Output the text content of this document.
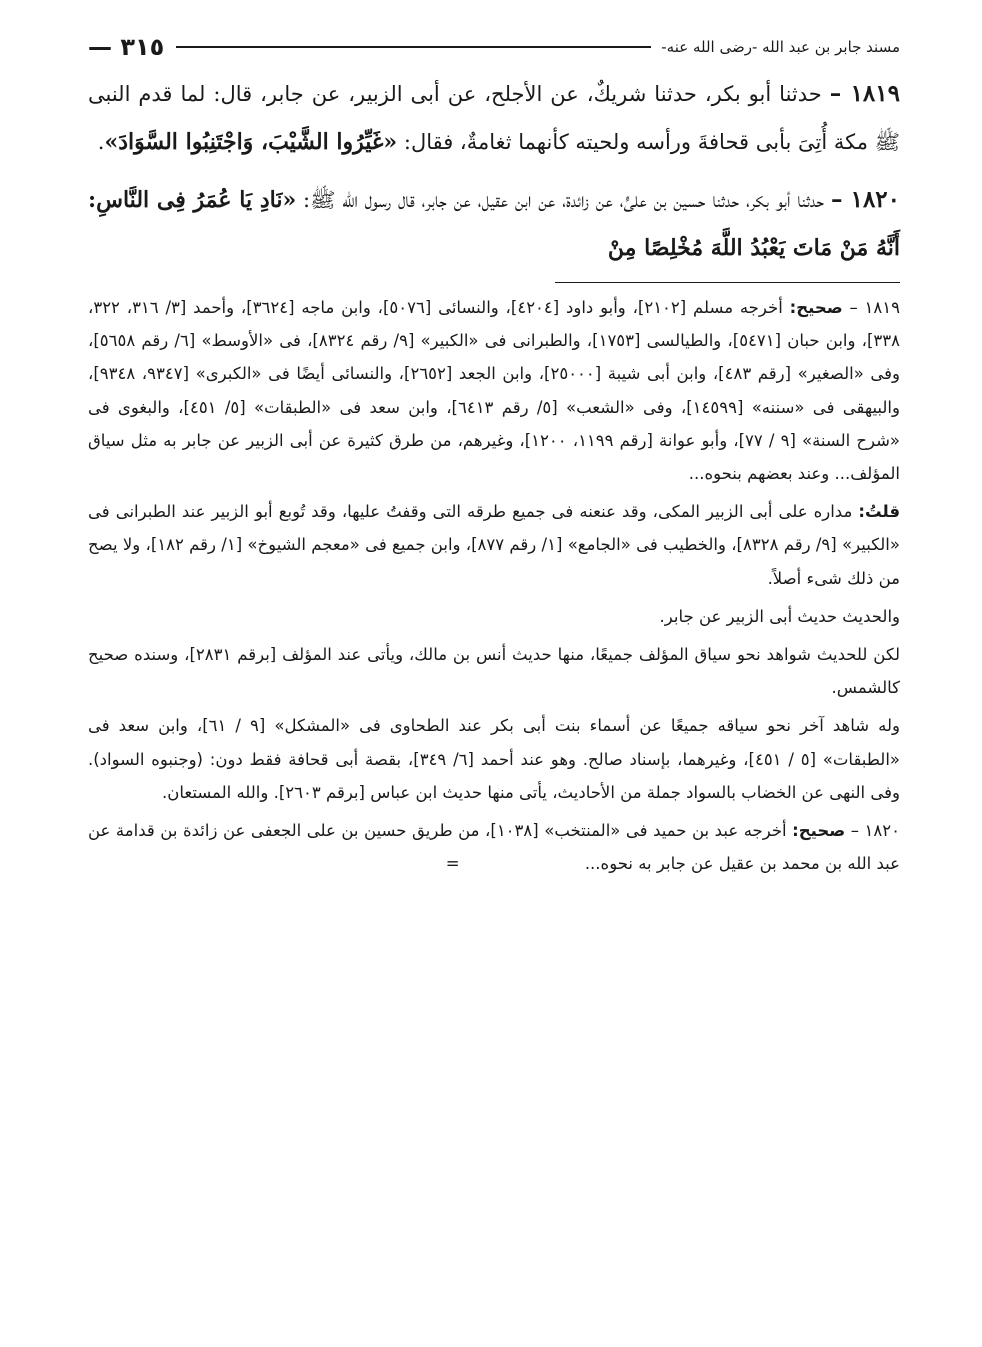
مسند جابر بن عبد الله -رضى الله عنه-
٣١٥ —

١٨١٩ – حدثنا أبو بكر، حدثنا شريكٌ، عن الأجلح، عن أبى الزبير، عن جابر، قال: لما قدم النبى ﷺ مكة أُتِىَ بأبى قحافةَ ورأسه ولحيته كأنهما ثغامةٌ، فقال: «غَيِّرُوا الشَّيْبَ، وَاجْتَنِبُوا السَّوَادَ».

١٨٢٠ – حدثنا أبو بكر، حدثنا حسين بن علىٍّ، عن زائدة، عن ابن عقيل، عن جابر، قال رسول الله ﷺ: «نَادِ يَا عُمَرُ فِى النَّاسِ: أَنَّهُ مَنْ مَاتَ يَعْبُدُ اللَّهَ مُخْلِصًا مِنْ

١٨١٩ – صحيح: أخرجه مسلم [٢١٠٢]، وأبو داود [٤٢٠٤]، والنسائى [٥٠٧٦]، وابن ماجه [٣٦٢٤]، وأحمد [٣/ ٣١٦، ٣٢٢، ٣٣٨]، وابن حبان [٥٤٧١]، والطيالسى [١٧٥٣]، والطبرانى فى «الكبير» [٩/ رقم ٨٣٢٤]، فى «الأوسط» [٦/ رقم ٥٦٥٨]، وفى «الصغير» [رقم ٤٨٣]، وابن أبى شيبة [٢٥٠٠٠]، وابن الجعد [٢٦٥٢]، والنسائى أيضًا فى «الكبرى» [٩٣٤٧، ٩٣٤٨]، والبيهقى فى «سننه» [١٤٥٩٩]، وفى «الشعب» [٥/ رقم ٦٤١٣]، وابن سعد فى «الطبقات» [٥/ ٤٥١]، والبغوى فى «شرح السنة» [٩ / ٧٧]، وأبو عوانة [رقم ١١٩٩، ١٢٠٠]، وغيرهم، من طرق كثيرة عن أبى الزبير عن جابر به مثل سياق المؤلف... وعند بعضهم بنحوه...

قلتُ: مداره على أبى الزبير المكى، وقد عنعنه فى جميع طرقه التى وقفتُ عليها، وقد تُوبع أبو الزبير عند الطبرانى فى «الكبير» [٩/ رقم ٨٣٢٨]، والخطيب فى «الجامع» [١/ رقم ٨٧٧]، وابن جميع فى «معجم الشيوخ» [١/ رقم ١٨٢]، ولا يصح من ذلك شىء أصلاً.

والحديث حديث أبى الزبير عن جابر.

لكن للحديث شواهد نحو سياق المؤلف جميعًا، منها حديث أنس بن مالك، ويأتى عند المؤلف [برقم ٢٨٣١]، وسنده صحيح كالشمس.

وله شاهد آخر نحو سياقه جميعًا عن أسماء بنت أبى بكر عند الطحاوى فى «المشكل» [٩ / ٦١]، وابن سعد فى «الطبقات» [٥ / ٤٥١]، وغيرهما، بإسناد صالح. وهو عند أحمد [٦/ ٣٤٩]، بقصة أبى قحافة فقط دون: (وجنبوه السواد). وفى النهى عن الخضاب بالسواد جملة من الأحاديث، يأتى منها حديث ابن عباس [برقم ٢٦٠٣]. والله المستعان.

١٨٢٠ – صحيح: أخرجه عبد بن حميد فى «المنتخب» [١٠٣٨]، من طريق حسين بن على الجعفى عن زائدة بن قدامة عن عبد الله بن محمد بن عقيل عن جابر به نحوه... =
